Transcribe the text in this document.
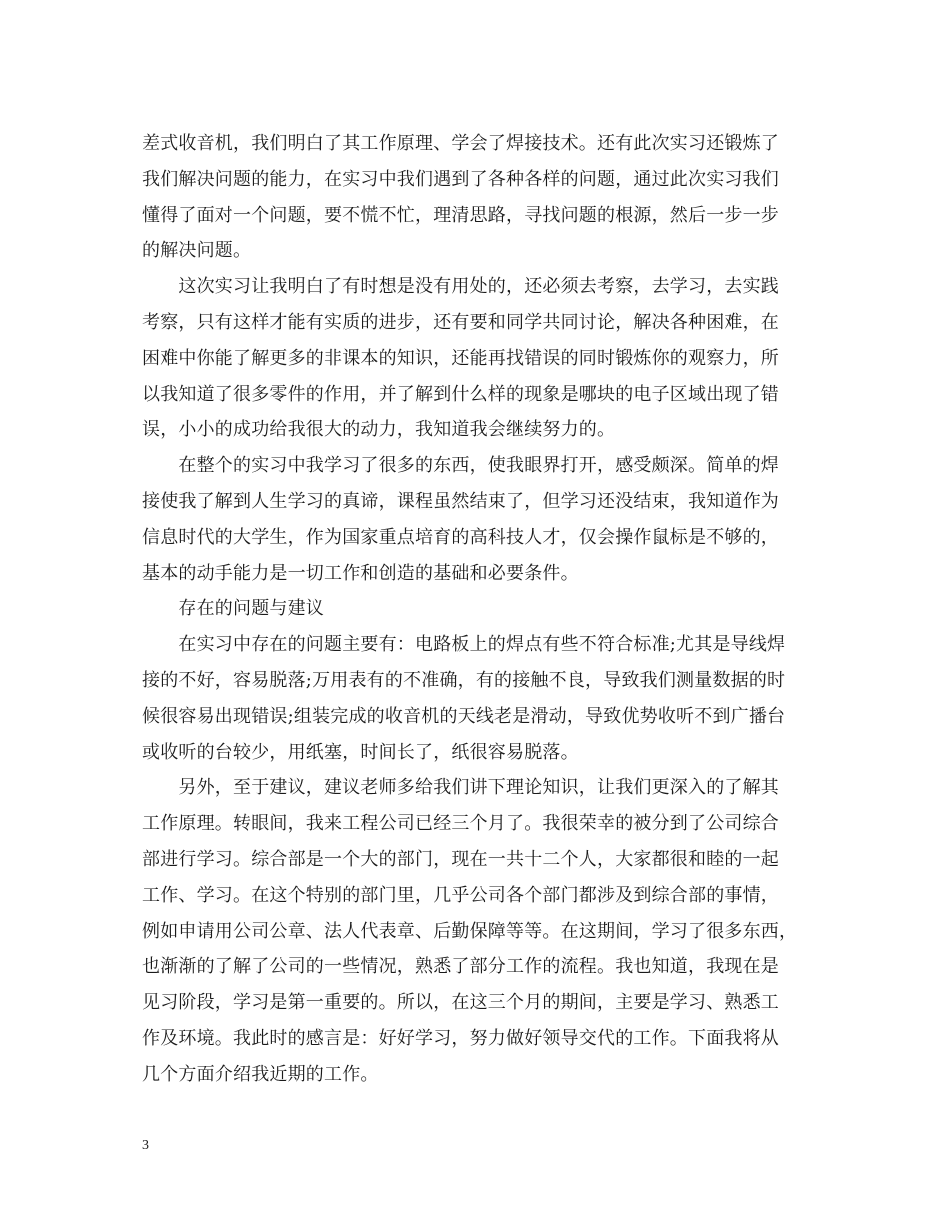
差式收音机，我们明白了其工作原理、学会了焊接技术。还有此次实习还锻炼了
我们解决问题的能力，在实习中我们遇到了各种各样的问题，通过此次实习我们
懂得了面对一个问题，要不慌不忙，理清思路，寻找问题的根源，然后一步一步
的解决问题。
　　这次实习让我明白了有时想是没有用处的，还必须去考察，去学习，去实践
考察，只有这样才能有实质的进步，还有要和同学共同讨论，解决各种困难，在
困难中你能了解更多的非课本的知识，还能再找错误的同时锻炼你的观察力，所
以我知道了很多零件的作用，并了解到什么样的现象是哪块的电子区域出现了错
误，小小的成功给我很大的动力，我知道我会继续努力的。
　　在整个的实习中我学习了很多的东西，使我眼界打开，感受颇深。简单的焊
接使我了解到人生学习的真谛，课程虽然结束了，但学习还没结束，我知道作为
信息时代的大学生，作为国家重点培育的高科技人才，仅会操作鼠标是不够的，
基本的动手能力是一切工作和创造的基础和必要条件。
　　存在的问题与建议
　　在实习中存在的问题主要有：电路板上的焊点有些不符合标准;尤其是导线焊
接的不好，容易脱落;万用表有的不准确，有的接触不良，导致我们测量数据的时
候很容易出现错误;组装完成的收音机的天线老是滑动，导致优势收听不到广播台
或收听的台较少，用纸塞，时间长了，纸很容易脱落。
　　另外，至于建议，建议老师多给我们讲下理论知识，让我们更深入的了解其
工作原理。转眼间，我来工程公司已经三个月了。我很荣幸的被分到了公司综合
部进行学习。综合部是一个大的部门，现在一共十二个人，大家都很和睦的一起
工作、学习。在这个特别的部门里，几乎公司各个部门都涉及到综合部的事情，
例如申请用公司公章、法人代表章、后勤保障等等。在这期间，学习了很多东西，
也渐渐的了解了公司的一些情况，熟悉了部分工作的流程。我也知道，我现在是
见习阶段，学习是第一重要的。所以，在这三个月的期间，主要是学习、熟悉工
作及环境。我此时的感言是：好好学习，努力做好领导交代的工作。下面我将从
几个方面介绍我近期的工作。
3
